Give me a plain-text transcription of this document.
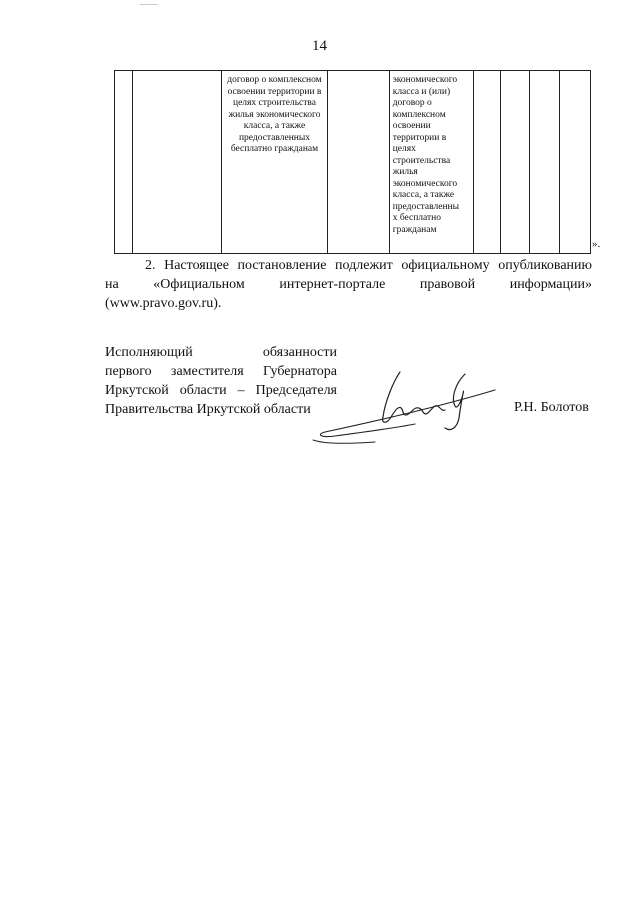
14
		договор о комплексном освоении территории в целях строительства жилья экономического класса, а также предоставленных бесплатно гражданам		экономического
класса и (или)
договор о
комплексном
освоении
территории в
целях
строительства
жилья
экономического
класса, а также
предоставленны
х бесплатно
гражданам				
».
2. Настоящее постановление подлежит официальному опубликованию
на «Официальном интернет-портале правовой информации»
(www.pravo.gov.ru).
Исполняющий обязанности
первого заместителя Губернатора
Иркутской области – Председателя
Правительства Иркутской области	Р.Н. Болотов
